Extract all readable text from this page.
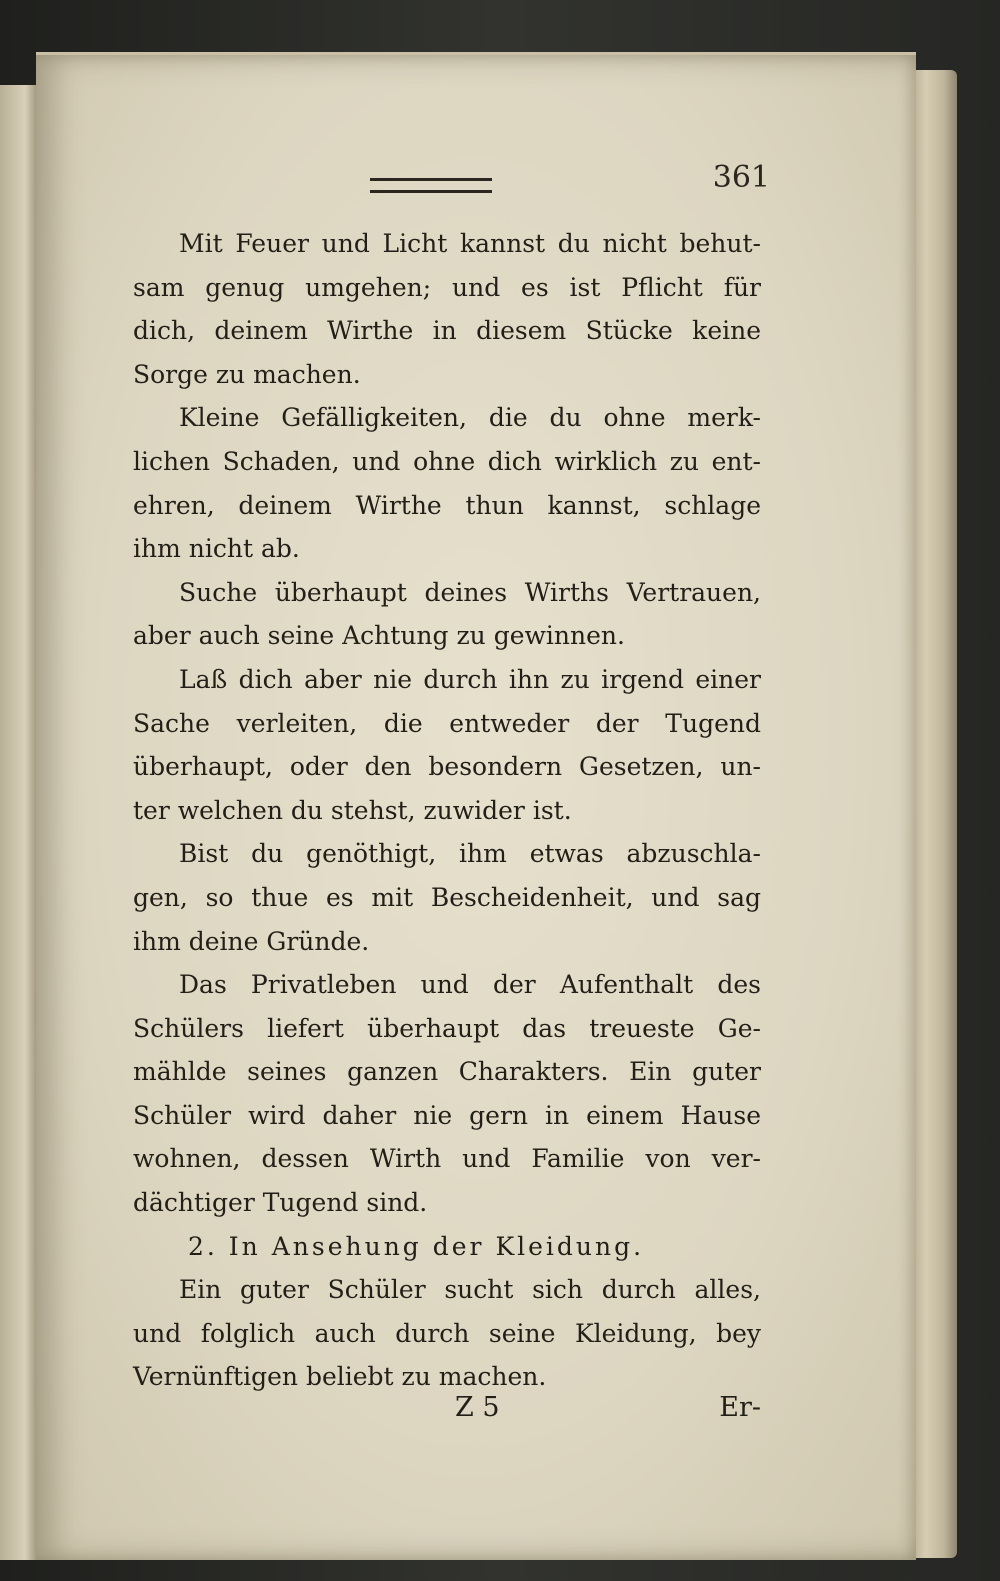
361

Mit Feuer und Licht kannst du nicht behut-
sam genug umgehen; und es ist Pflicht für
dich, deinem Wirthe in diesem Stücke keine
Sorge zu machen.

Kleine Gefälligkeiten, die du ohne merk-
lichen Schaden, und ohne dich wirklich zu ent-
ehren, deinem Wirthe thun kannst, schlage
ihm nicht ab.

Suche überhaupt deines Wirths Vertrauen,
aber auch seine Achtung zu gewinnen.

Laß dich aber nie durch ihn zu irgend einer
Sache verleiten, die entweder der Tugend
überhaupt, oder den besondern Gesetzen, un-
ter welchen du stehst, zuwider ist.

Bist du genöthigt, ihm etwas abzuschla-
gen, so thue es mit Bescheidenheit, und sag
ihm deine Gründe.

Das Privatleben und der Aufenthalt des
Schülers liefert überhaupt das treueste Ge-
mählde seines ganzen Charakters. Ein guter
Schüler wird daher nie gern in einem Hause
wohnen, dessen Wirth und Familie von ver-
dächtiger Tugend sind.

2. In Ansehung der Kleidung.

Ein guter Schüler sucht sich durch alles,
und folglich auch durch seine Kleidung, bey
Vernünftigen beliebt zu machen.

Z 5	Er-
